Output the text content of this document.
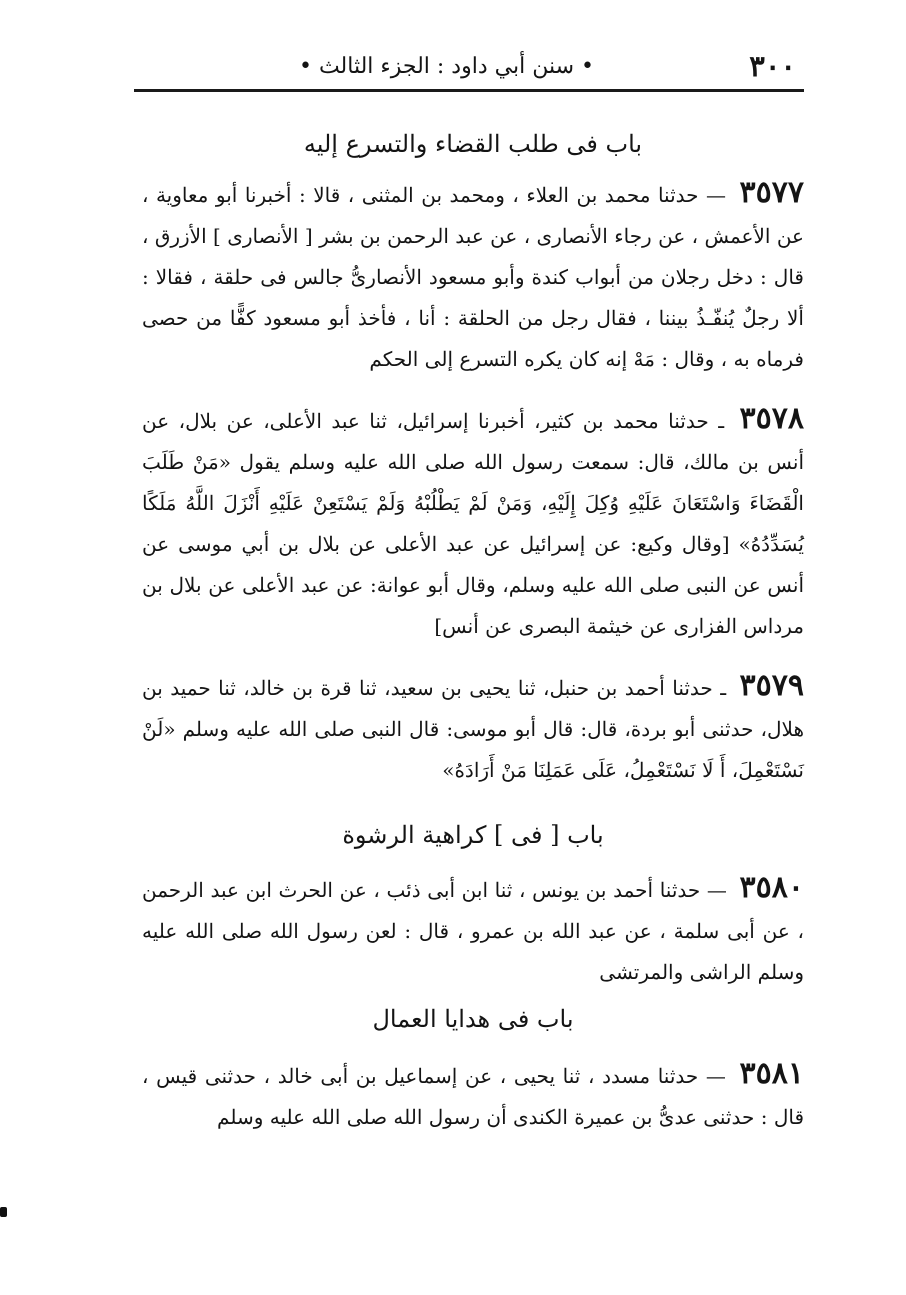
٣٠٠
• سنن أبي داود : الجزء الثالث •
باب فى طلب القضاء والتسرع إليه

٣٥٧٧ — حدثنا محمد بن العلاء ، ومحمد بن المثنى ، قالا : أخبرنا أبو معاوية ، عن الأعمش ، عن رجاء الأنصارى ، عن عبد الرحمن بن بشر [ الأنصارى ] الأزرق ، قال : دخل رجلان من أبواب كندة وأبو مسعود الأنصارىُّ جالس فى حلقة ، فقالا : ألا رجلٌ يُنفّـذُ بيننا ، فقال رجل من الحلقة : أنا ، فأخذ أبو مسعود كفًّا من حصى فرماه به ، وقال : مَهْ إنه كان يكره التسرع إلى الحكم

٣٥٧٨ ـ حدثنا محمد بن كثير، أخبرنا إسرائيل، ثنا عبد الأعلى، عن بلال، عن أنس بن مالك، قال: سمعت رسول الله صلى الله عليه وسلم يقول «مَنْ طَلَبَ الْقَضَاءَ وَاسْتَعَانَ عَلَيْهِ وُكِلَ إِلَيْهِ، وَمَنْ لَمْ يَطْلُبْهُ وَلَمْ يَسْتَعِنْ عَلَيْهِ أَنْزَلَ اللَّهُ مَلَكًا يُسَدِّدُهُ» [وقال وكيع: عن إسرائيل عن عبد الأعلى عن بلال بن أبي موسى عن أنس عن النبى صلى الله عليه وسلم، وقال أبو عوانة: عن عبد الأعلى عن بلال بن مرداس الفزارى عن خيثمة البصرى عن أنس]

٣٥٧٩ ـ حدثنا أحمد بن حنبل، ثنا يحيى بن سعيد، ثنا قرة بن خالد، ثنا حميد بن هلال، حدثنى أبو بردة، قال: قال أبو موسى: قال النبى صلى الله عليه وسلم «لَنْ نَسْتَعْمِلَ، أَ لَا نَسْتَعْمِلُ، عَلَى عَمَلِنَا مَنْ أَرَادَهُ»

باب [ فى ] كراهية الرشوة

٣٥٨٠ — حدثنا أحمد بن يونس ، ثنا ابن أبى ذئب ، عن الحرث ابن عبد الرحمن ، عن أبى سلمة ، عن عبد الله بن عمرو ، قال : لعن رسول الله صلى الله عليه وسلم الراشى والمرتشى

باب فى هدايا العمال

٣٥٨١ — حدثنا مسدد ، ثنا يحيى ، عن إسماعيل بن أبى خالد ، حدثنى قيس ، قال : حدثنى عدىُّ بن عميرة الكندى أن رسول الله صلى الله عليه وسلم
